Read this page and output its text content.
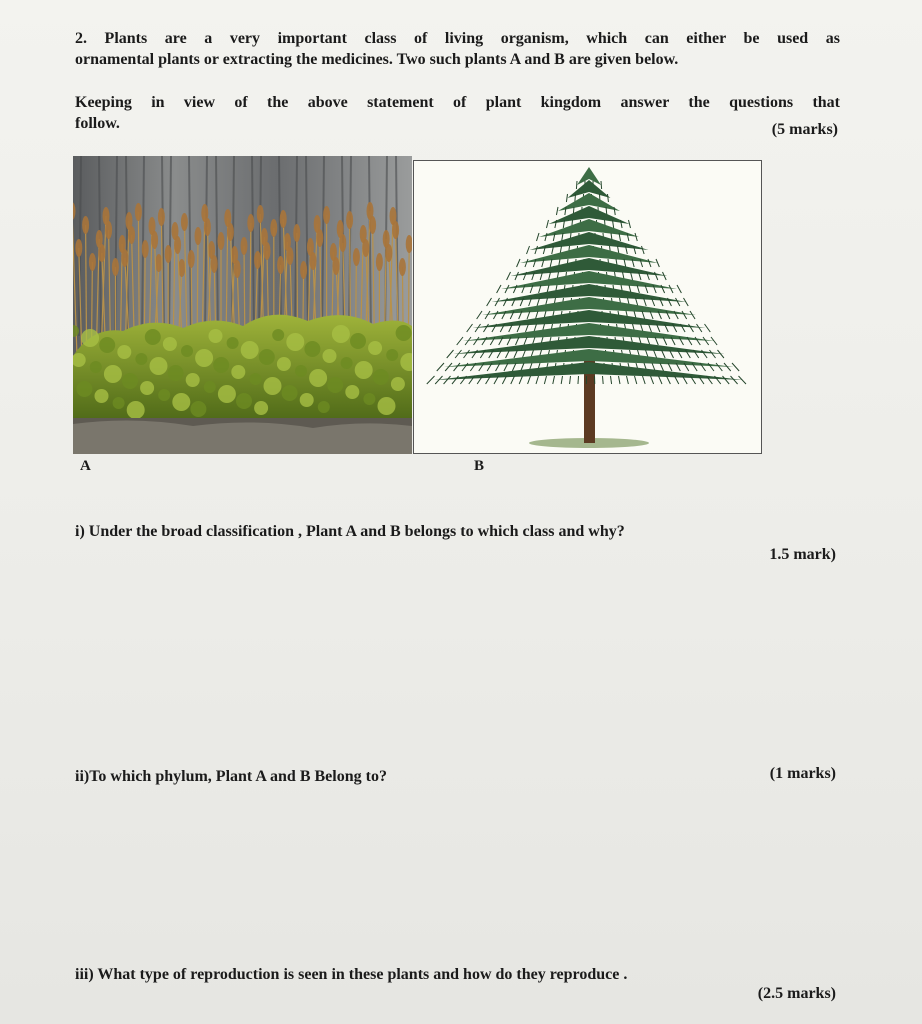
2. Plants are a very important class of living organism, which can either be used as
ornamental plants or extracting the medicines. Two such plants A and B are given below.
Keeping in view of the above statement of plant kingdom answer the questions that
follow.	(5 marks)
A	B
i) Under the broad classification , Plant A and B belongs to which class and why?
1.5 mark)
ii)To which phylum, Plant A and B Belong to?	(1 marks)
iii) What type of reproduction is seen in these plants and how do they reproduce .
(2.5 marks)
